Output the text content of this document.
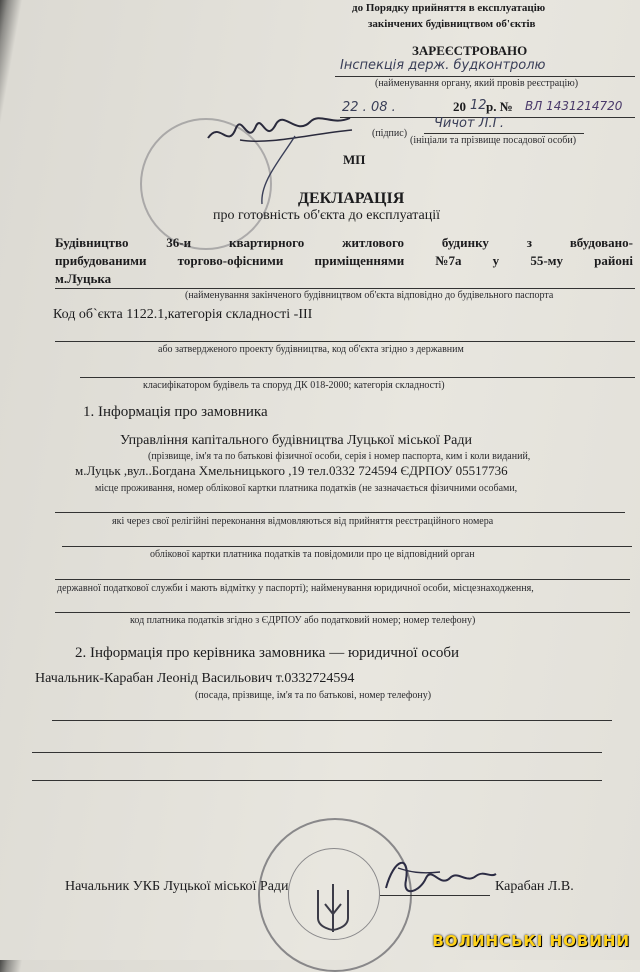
до Порядку прийняття в експлуатацію
закінчених будівництвом об'єктів
ЗАРЕЄСТРОВАНО
Інспекція держ. будконтролю
(найменування органу, який провів реєстрацію)
22 . 08 .	20 12 р. № ВЛ 1431214720
(підпис)
Чичот Л.Г.
(ініціали та прізвище посадової особи)
МП
ДЕКЛАРАЦІЯ
про готовність об'єкта до експлуатації
Будівництво	36-и	квартирного	житлового	будинку	з	вбудовано-
прибудованими торгово-офісними приміщеннями №7а у 55-му районі
м.Луцька
(найменування закінченого будівництвом об'єкта відповідно до будівельного паспорта
Код об`єкта 1122.1,категорія складності -ІІІ
або затвердженого проекту будівництва, код об'єкта згідно з державним
класифікатором будівель та споруд ДК 018-2000; категорія складності)
1. Інформація про замовника
Управління капітального будівництва Луцької міської Ради
(прізвище, ім'я та по батькові фізичної особи, серія і номер паспорта, ким і коли виданий,
м.Луцьк ,вул..Богдана Хмельницького ,19 тел.0332 724594 ЄДРПОУ 05517736
місце проживання, номер облікової картки платника податків (не зазначається фізичними особами,
які через свої релігійні переконання відмовляються від прийняття реєстраційного номера
облікової картки платника податків та повідомили про це відповідний орган
державної податкової служби і мають відмітку у паспорті); найменування юридичної особи, місцезнаходження,
код платника податків згідно з ЄДРПОУ або податковий номер; номер телефону)
2. Інформація про керівника замовника — юридичної особи
Начальник-Карабан Леонід Васильович т.0332724594
(посада, прізвище, ім'я та по батькові, номер телефону)
Начальник УКБ Луцької міської Ради	Карабан Л.В.
ВОЛИНСЬКІ НОВИНИ
